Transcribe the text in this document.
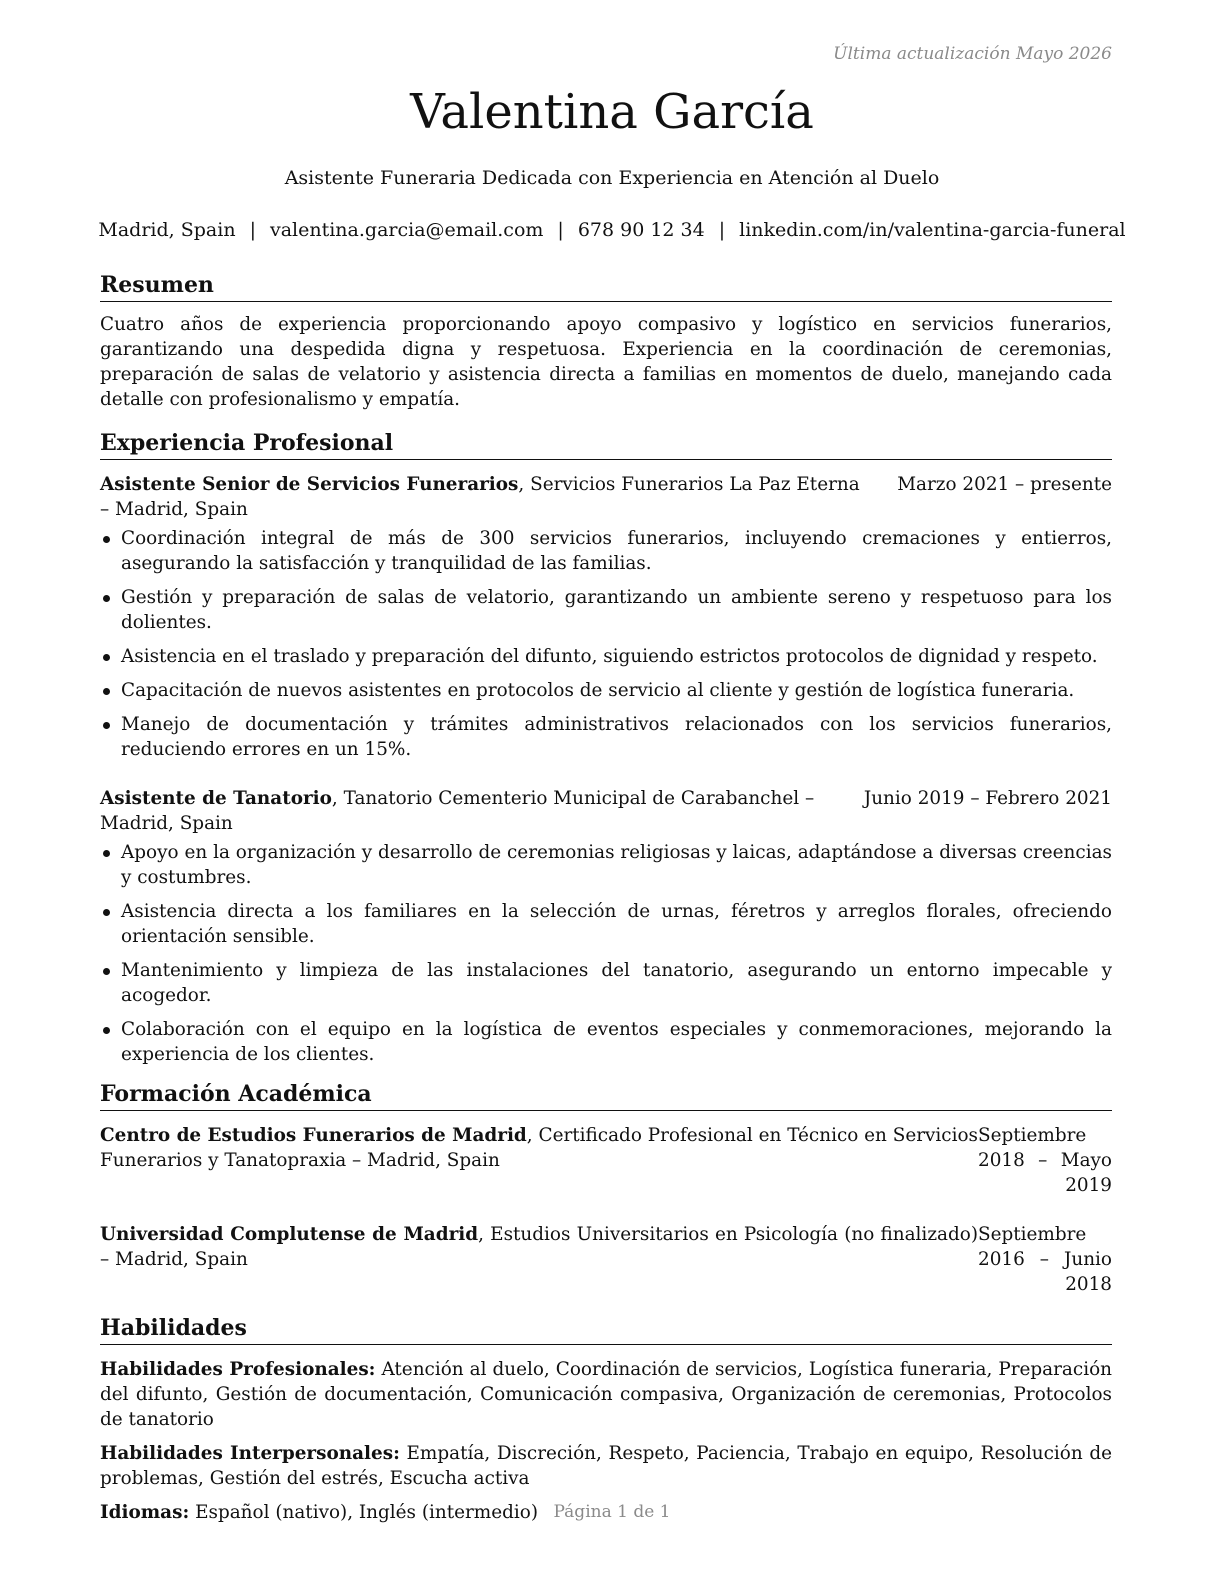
Última actualización Mayo 2026
Valentina García
Asistente Funeraria Dedicada con Experiencia en Atención al Duelo
Madrid, Spain | valentina.garcia@email.com | 678 90 12 34 | linkedin.com/in/valentina-garcia-funeral
Resumen

Cuatro años de experiencia proporcionando apoyo compasivo y logístico en servicios funerarios, garantizando una despedida digna y respetuosa. Experiencia en la coordinación de ceremonias, preparación de salas de velatorio y asistencia directa a familias en momentos de duelo, manejando cada detalle con profesionalismo y empatía.

Experiencia Profesional
Asistente Senior de Servicios Funerarios, Servicios Funerarios La Paz Eterna – Madrid, Spain
Marzo 2021 – presente
Coordinación integral de más de 300 servicios funerarios, incluyendo cremaciones y entierros, asegurando la satisfacción y tranquilidad de las familias.
Gestión y preparación de salas de velatorio, garantizando un ambiente sereno y respetuoso para los dolientes.
Asistencia en el traslado y preparación del difunto, siguiendo estrictos protocolos de dignidad y respeto.
Capacitación de nuevos asistentes en protocolos de servicio al cliente y gestión de logística funeraria.
Manejo de documentación y trámites administrativos relacionados con los servicios funerarios, reduciendo errores en un 15%.
Asistente de Tanatorio, Tanatorio Cementerio Municipal de Carabanchel – Madrid, Spain
Junio 2019 – Febrero 2021
Apoyo en la organización y desarrollo de ceremonias religiosas y laicas, adaptándose a diversas creencias y costumbres.
Asistencia directa a los familiares en la selección de urnas, féretros y arreglos florales, ofreciendo orientación sensible.
Mantenimiento y limpieza de las instalaciones del tanatorio, asegurando un entorno impecable y acogedor.
Colaboración con el equipo en la logística de eventos especiales y conmemoraciones, mejorando la experiencia de los clientes.
Formación Académica
Centro de Estudios Funerarios de Madrid, Certificado Profesional en Técnico en Servicios Funerarios y Tanatopraxia – Madrid, Spain
Septiembre 2018 – Mayo 2019
Universidad Complutense de Madrid, Estudios Universitarios en Psicología (no finalizado) – Madrid, Spain
Septiembre 2016 – Junio 2018
Habilidades
Habilidades Profesionales: Atención al duelo, Coordinación de servicios, Logística funeraria, Preparación del difunto, Gestión de documentación, Comunicación compasiva, Organización de ceremonias, Protocolos de tanatorio
Habilidades Interpersonales: Empatía, Discreción, Respeto, Paciencia, Trabajo en equipo, Resolución de problemas, Gestión del estrés, Escucha activa
Idiomas: Español (nativo), Inglés (intermedio) Página 1 de 1
